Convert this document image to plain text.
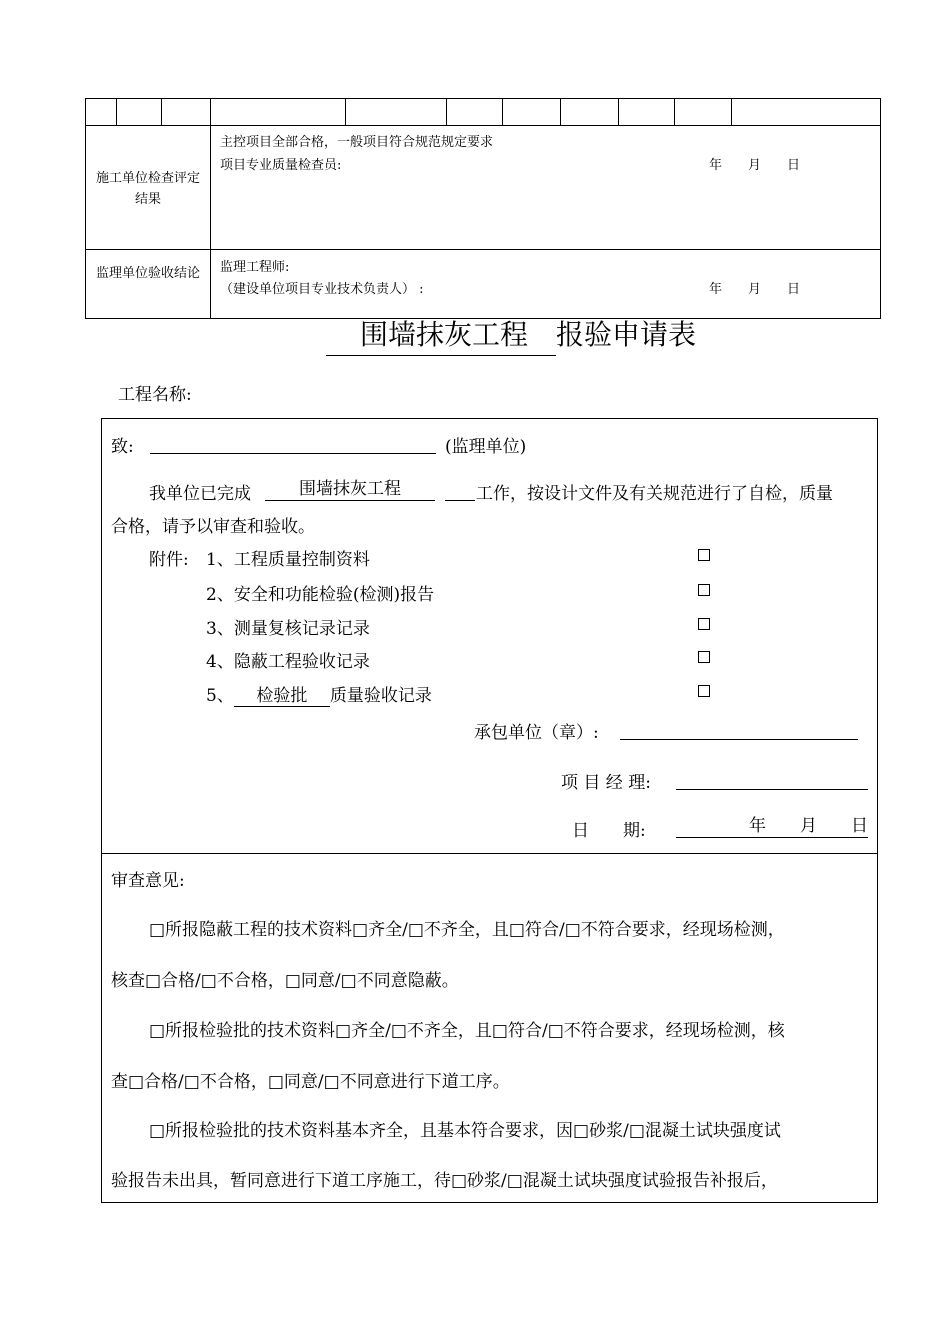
施工单位检查评定结果
主控项目全部合格，一般项目符合规范规定要求
项目专业质量检查员:	年　　月　　日
监理单位验收结论 监理工程师:
（建设单位项目专业技术负责人） :	年　　月　　日
围墙抹灰工程 报验申请表
工程名称:
致:	(监理单位)
我单位已完成	围墙抹灰工程	工作，按设计文件及有关规范进行了自检，质量
合格，请予以审查和验收。
附件: 1、工程质量控制资料
2、安全和功能检验(检测)报告
3、测量复核记录记录
4、隐蔽工程验收记录
5、 检验批 质量验收记录
承包单位（章）:
项 目 经 理:
日　　期:	年　　月　　日
审查意见:
□所报隐蔽工程的技术资料□齐全/□不齐全，且□符合/□不符合要求，经现场检测，
核查□合格/□不合格，□同意/□不同意隐蔽。
□所报检验批的技术资料□齐全/□不齐全，且□符合/□不符合要求，经现场检测，核
查□合格/□不合格，□同意/□不同意进行下道工序。
□所报检验批的技术资料基本齐全，且基本符合要求，因□砂浆/□混凝土试块强度试
验报告未出具，暂同意进行下道工序施工，待□砂浆/□混凝土试块强度试验报告补报后，
